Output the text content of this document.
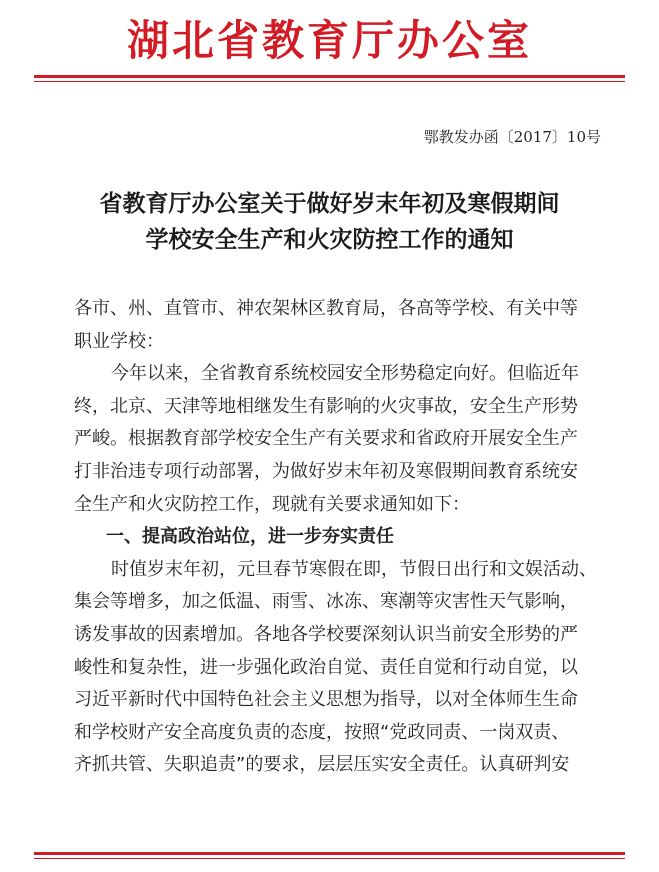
湖北省教育厅办公室
鄂教发办函〔2017〕10号
省教育厅办公室关于做好岁末年初及寒假期间
学校安全生产和火灾防控工作的通知
各市、州、直管市、神农架林区教育局，各高等学校、有关中等
职业学校：
今年以来，全省教育系统校园安全形势稳定向好。但临近年
终，北京、天津等地相继发生有影响的火灾事故，安全生产形势
严峻。根据教育部学校安全生产有关要求和省政府开展安全生产
打非治违专项行动部署，为做好岁末年初及寒假期间教育系统安
全生产和火灾防控工作，现就有关要求通知如下：
一、提高政治站位，进一步夯实责任
时值岁末年初，元旦春节寒假在即，节假日出行和文娱活动、
集会等增多，加之低温、雨雪、冰冻、寒潮等灾害性天气影响，
诱发事故的因素增加。各地各学校要深刻认识当前安全形势的严
峻性和复杂性，进一步强化政治自觉、责任自觉和行动自觉，以
习近平新时代中国特色社会主义思想为指导，以对全体师生生命
和学校财产安全高度负责的态度，按照“党政同责、一岗双责、
齐抓共管、失职追责”的要求，层层压实安全责任。认真研判安
